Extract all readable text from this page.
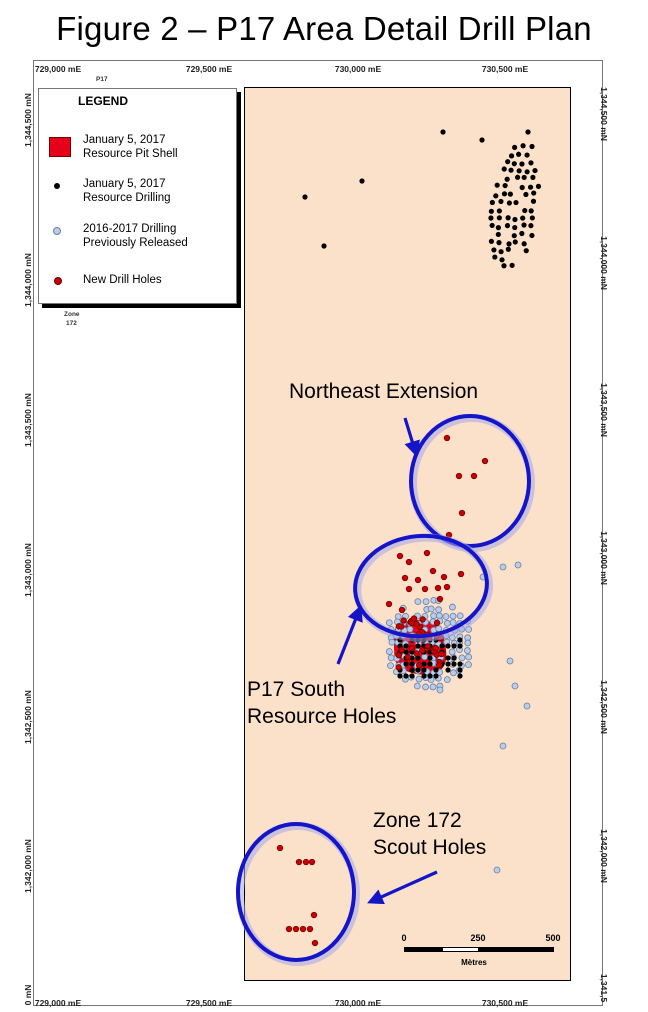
Figure 2 – P17 Area Detail Drill Plan
729,000 mE	729,500 mE	730,000 mE	730,500 mE
729,000 mE	729,500 mE	730,000 mE	730,500 mE
1,344,500 mN
1,344,000 mN
1,343,500 mN
1,343,000 mN
1,342,500 mN
1,342,000 mN
0 mN
1,344,500 mN
1,344,000 mN
1,343,500 mN
1,343,000 mN
1,342,500 mN
1,342,000 mN
1,341,5
P17
Zone
172
LEGEND
January 5, 2017
Resource Pit Shell
January 5, 2017
Resource Drilling
2016-2017 Drilling
Previously Released
New Drill Holes
Northeast Extension
P17 South
Resource Holes
Zone 172
Scout Holes
0	250	500
Mètres
